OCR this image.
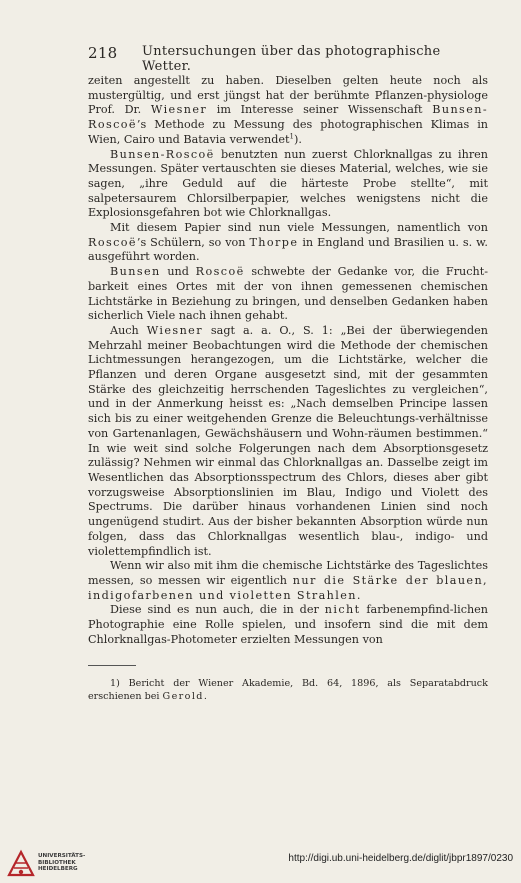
218	Untersuchungen über das photographische Wetter.

zeiten angestellt zu haben. Dieselben gelten heute noch als mustergültig, und erst jüngst hat der berühmte Pflanzen-physiologe Prof. Dr. Wiesner im Interesse seiner Wissenschaft Bunsen-Roscoë’s Methode zu Messung des photographischen Klimas in Wien, Cairo und Batavia verwendet$^1$).

Bunsen-Roscoë benutzten nun zuerst Chlorknallgas zu ihren Messungen. Später vertauschten sie dieses Material, welches, wie sie sagen, „ihre Geduld auf die härteste Probe stellte“, mit salpetersaurem Chlorsilberpapier, welches wenigstens nicht die Explosionsgefahren bot wie Chlorknallgas.

Mit diesem Papier sind nun viele Messungen, namentlich von Roscoë’s Schülern, so von Thorpe in England und Brasilien u. s. w. ausgeführt worden.

Bunsen und Roscoë schwebte der Gedanke vor, die Frucht-barkeit eines Ortes mit der von ihnen gemessenen chemischen Lichtstärke in Beziehung zu bringen, und denselben Gedanken haben sicherlich Viele nach ihnen gehabt.

Auch Wiesner sagt a. a. O., S. 1: „Bei der überwiegenden Mehrzahl meiner Beobachtungen wird die Methode der chemischen Lichtmessungen herangezogen, um die Lichtstärke, welcher die Pflanzen und deren Organe ausgesetzt sind, mit der gesammten Stärke des gleichzeitig herrschenden Tageslichtes zu vergleichen“, und in der Anmerkung heisst es: „Nach demselben Principe lassen sich bis zu einer weitgehenden Grenze die Beleuchtungs-verhältnisse von Gartenanlagen, Gewächshäusern und Wohn-räumen bestimmen.“ In wie weit sind solche Folgerungen nach dem Absorptionsgesetz zulässig? Nehmen wir einmal das Chlorknallgas an. Dasselbe zeigt im Wesentlichen das Absorptionsspectrum des Chlors, dieses aber gibt vorzugsweise Absorptionslinien im Blau, Indigo und Violett des Spectrums. Die darüber hinaus vorhandenen Linien sind noch ungenügend studirt. Aus der bisher bekannten Absorption würde nun folgen, dass das Chlorknallgas wesentlich blau-, indigo- und violettempfindlich ist.

Wenn wir also mit ihm die chemische Lichtstärke des Tageslichtes messen, so messen wir eigentlich nur die Stärke der blauen, indigofarbenen und violetten Strahlen.

Diese sind es nun auch, die in der nicht farbenempfind-lichen Photographie eine Rolle spielen, und insofern sind die mit dem Chlorknallgas-Photometer erzielten Messungen von

1) Bericht der Wiener Akademie, Bd. 64, 1896, als Separatabdruck erschienen bei Gerold.

UNIVERSITÄTS-
BIBLIOTHEK
HEIDELBERG
http://digi.ub.uni-heidelberg.de/diglit/jbpr1897/0230
